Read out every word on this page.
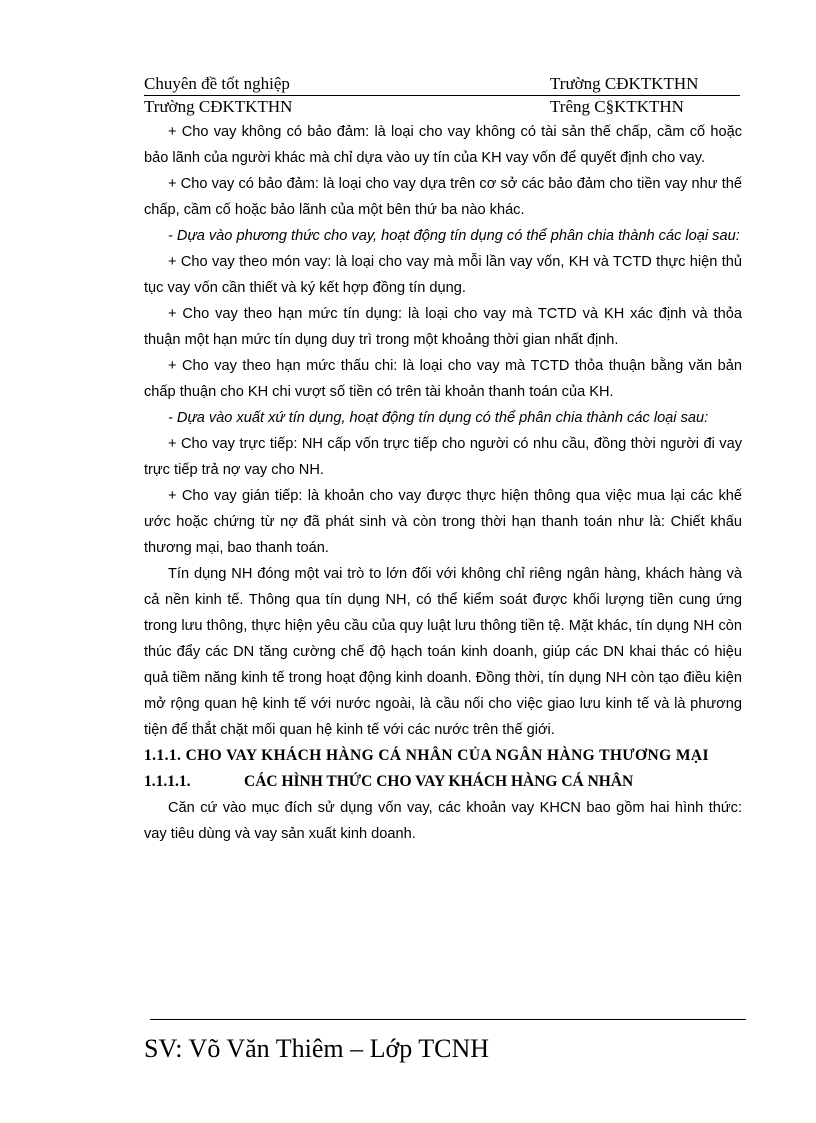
Chuyên đề tốt nghiệp	Trường CĐKTKTHN
Trường CĐKTKTHN	Trêng C§KTKTHN

+ Cho vay không có bảo đảm: là loại cho vay không có tài sản thế chấp, cầm cố hoặc bảo lãnh của người khác mà chỉ dựa vào uy tín của KH vay vốn để quyết định cho vay.

+ Cho vay có bảo đảm: là loại cho vay dựa trên cơ sở các bảo đảm cho tiền vay như thế chấp, cầm cố hoặc bảo lãnh của một bên thứ ba nào khác.

- Dựa vào phương thức cho vay, hoạt động tín dụng có thể phân chia thành các loại sau:

+ Cho vay theo món vay: là loại cho vay mà mỗi lần vay vốn, KH và TCTD thực hiện thủ tục vay vốn cần thiết và ký kết hợp đồng tín dụng.

+ Cho vay theo hạn mức tín dụng: là loại cho vay mà TCTD và KH xác định và thỏa thuận một hạn mức tín dụng duy trì trong một khoảng thời gian nhất định.

+ Cho vay theo hạn mức thấu chi: là loại cho vay mà TCTD thỏa thuận bằng văn bản chấp thuận cho KH chi vượt số tiền có trên tài khoản thanh toán của KH.

- Dựa vào xuất xứ tín dụng, hoạt động tín dụng có thể phân chia thành các loại sau:

+ Cho vay trực tiếp: NH cấp vốn trực tiếp cho người có nhu cầu, đồng thời người đi vay trực tiếp trả nợ vay cho NH.

+ Cho vay gián tiếp: là khoản cho vay được thực hiện thông qua việc mua lại các khế ước hoặc chứng từ nợ đã phát sinh và còn trong thời hạn thanh toán như là: Chiết khấu thương mại, bao thanh toán.

Tín dụng NH đóng một vai trò to lớn đối với không chỉ riêng ngân hàng, khách hàng và cả nền kinh tế. Thông qua tín dụng NH, có thể kiểm soát được khối lượng tiền cung ứng trong lưu thông, thực hiện yêu cầu của quy luật lưu thông tiền tệ. Mặt khác, tín dụng NH còn thúc đẩy các DN tăng cường chế độ hạch toán kinh doanh, giúp các DN khai thác có hiệu quả tiềm năng kinh tế trong hoạt động kinh doanh. Đồng thời, tín dụng NH còn tạo điều kiện mở rộng quan hệ kinh tế với nước ngoài, là cầu nối cho việc giao lưu kinh tế và là phương tiện để thắt chặt mối quan hệ kinh tế với các nước trên thế giới.

1.1.1. CHO VAY KHÁCH HÀNG CÁ NHÂN CỦA NGÂN HÀNG THƯƠNG MẠI
1.1.1.1.	CÁC HÌNH THỨC CHO VAY KHÁCH HÀNG CÁ NHÂN

Căn cứ vào mục đích sử dụng vốn vay, các khoản vay KHCN bao gồm hai hình thức: vay tiêu dùng và vay sản xuất kinh doanh.

SV: Võ Văn Thiêm – Lớp TCNH
